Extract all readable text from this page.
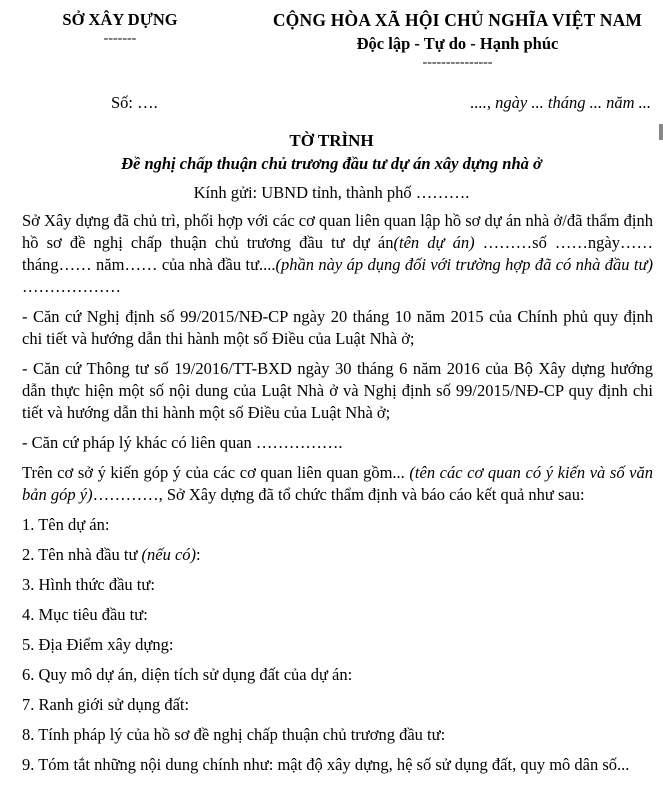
SỞ XÂY DỰNG
-------
CỘNG HÒA XÃ HỘI CHỦ NGHĨA VIỆT NAM
Độc lập - Tự do - Hạnh phúc
---------------
Số: ….	...., ngày ... tháng ... năm ...
TỜ TRÌNH
Đề nghị chấp thuận chủ trương đầu tư dự án xây dựng nhà ở
Kính gửi: UBND tỉnh, thành phố ……….

Sở Xây dựng đã chủ trì, phối hợp với các cơ quan liên quan lập hồ sơ dự án nhà ở/đã thẩm định hồ sơ đề nghị chấp thuận chủ trương đầu tư dự án(tên dự án) ………số ……ngày…… tháng…… năm…… của nhà đầu tư....(phần này áp dụng đối với trường hợp đã có nhà đầu tư) ………………

- Căn cứ Nghị định số 99/2015/NĐ-CP ngày 20 tháng 10 năm 2015 của Chính phủ quy định chi tiết và hướng dẫn thi hành một số Điều của Luật Nhà ở;

- Căn cứ Thông tư số 19/2016/TT-BXD ngày 30 tháng 6 năm 2016 của Bộ Xây dựng hướng dẫn thực hiện một số nội dung của Luật Nhà ở và Nghị định số 99/2015/NĐ-CP quy định chi tiết và hướng dẫn thi hành một số Điều của Luật Nhà ở;

- Căn cứ pháp lý khác có liên quan …………….

Trên cơ sở ý kiến góp ý của các cơ quan liên quan gồm... (tên các cơ quan có ý kiến và số văn bản góp ý)…………, Sở Xây dựng đã tổ chức thẩm định và báo cáo kết quả như sau:

1. Tên dự án:

2. Tên nhà đầu tư (nếu có):

3. Hình thức đầu tư:

4. Mục tiêu đầu tư:

5. Địa Điểm xây dựng:

6. Quy mô dự án, diện tích sử dụng đất của dự án:

7. Ranh giới sử dụng đất:

8. Tính pháp lý của hồ sơ đề nghị chấp thuận chủ trương đầu tư:

9. Tóm tắt những nội dung chính như: mật độ xây dựng, hệ số sử dụng đất, quy mô dân số...
